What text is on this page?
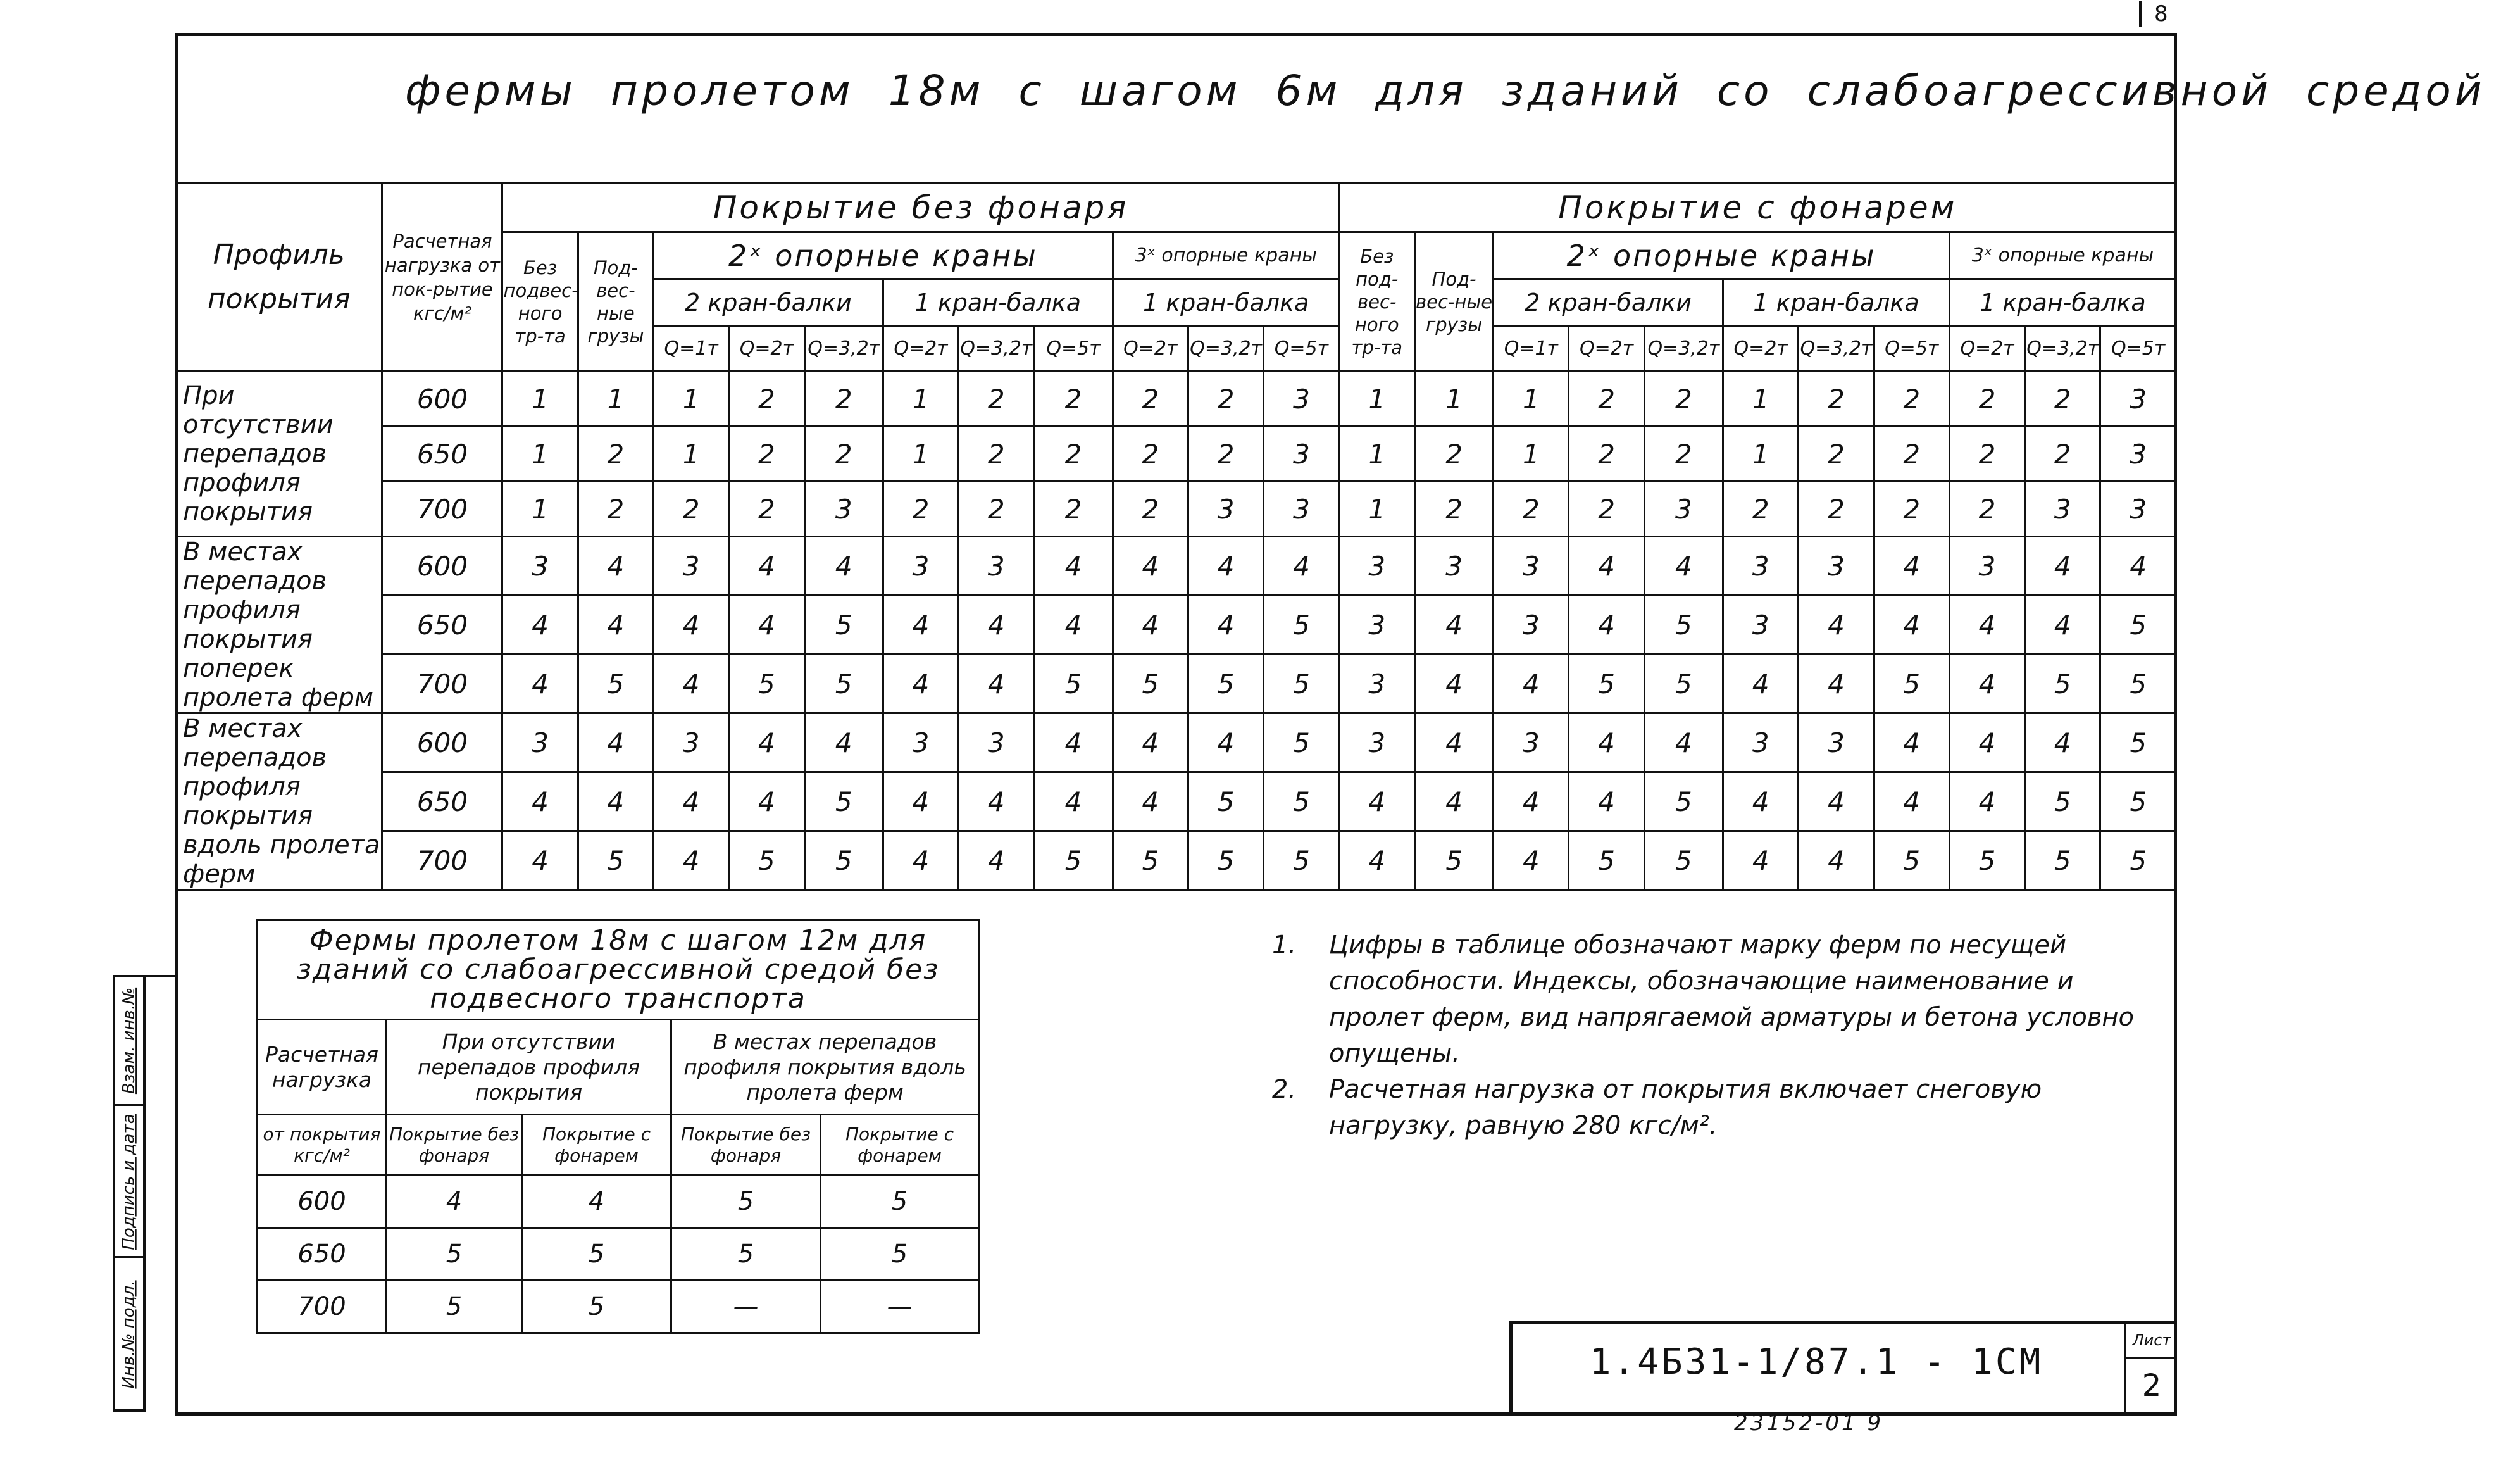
8
фермы пролетом 18м с шагом 6м для зданий со слабоагрессивной средой
Профиль покрытия	Расчетная нагрузка от пок-рытие кгс/м²	Покрытие без фонаря											Покрытие с фонарем										
		Без подвес-ного тр-та	Под-вес-ные грузы	2ˣ опорные краны						3ˣ опорные краны			Без под-вес-ного тр-та	Под-вес-ные грузы	2ˣ опорные краны						3ˣ опорные краны		
				2 кран-балки			1 кран-балка			1 кран-балка					2 кран-балки			1 кран-балка			1 кран-балка		
				Q=1т	Q=2т	Q=3,2т	Q=2т	Q=3,2т	Q=5т	Q=2т	Q=3,2т	Q=5т			Q=1т	Q=2т	Q=3,2т	Q=2т	Q=3,2т	Q=5т	Q=2т	Q=3,2т	Q=5т
При отсутствии перепадов профиля покрытия	600	1	1	1	2	2	1	2	2	2	2	3	1	1	1	2	2	1	2	2	2	2	3
	650	1	2	1	2	2	1	2	2	2	2	3	1	2	1	2	2	1	2	2	2	2	3
	700	1	2	2	2	3	2	2	2	2	3	3	1	2	2	2	3	2	2	2	2	3	3
В местах перепадов профиля покрытия поперек пролета ферм	600	3	4	3	4	4	3	3	4	4	4	4	3	3	3	4	4	3	3	4	3	4	4
	650	4	4	4	4	5	4	4	4	4	4	5	3	4	3	4	5	3	4	4	4	4	5
	700	4	5	4	5	5	4	4	5	5	5	5	3	4	4	5	5	4	4	5	4	5	5
В местах перепадов профиля покрытия вдоль пролета ферм	600	3	4	3	4	4	3	3	4	4	4	5	3	4	3	4	4	3	3	4	4	4	5
	650	4	4	4	4	5	4	4	4	4	5	5	4	4	4	4	5	4	4	4	4	5	5
	700	4	5	4	5	5	4	4	5	5	5	5	4	5	4	5	5	4	4	5	5	5	5
Фермы пролетом 18м с шагом 12м для зданий со слабоагрессивной средой без подвесного транспорта				
Расчетная нагрузка	При отсутствии перепадов профиля покрытия		В местах перепадов профиля покрытия вдоль пролета ферм	
от покрытия кгс/м²	Покрытие без фонаря	Покрытие с фонарем	Покрытие без фонаря	Покрытие с фонарем
600	4	4	5	5
650	5	5	5	5
700	5	5	—	—
1.	Цифры в таблице обозначают марку ферм по несущей способности. Индексы, обозначающие наименование и пролет ферм, вид напрягаемой арматуры и бетона условно опущены.
2.	Расчетная нагрузка от покрытия включает снеговую нагрузку, равную 280 кгс/м².
1.4Б31-1/87.1 - 1СМ
Лист
2
23152-01 9
Взам. инв.№
Подпись и дата
Инв.№ подл.
